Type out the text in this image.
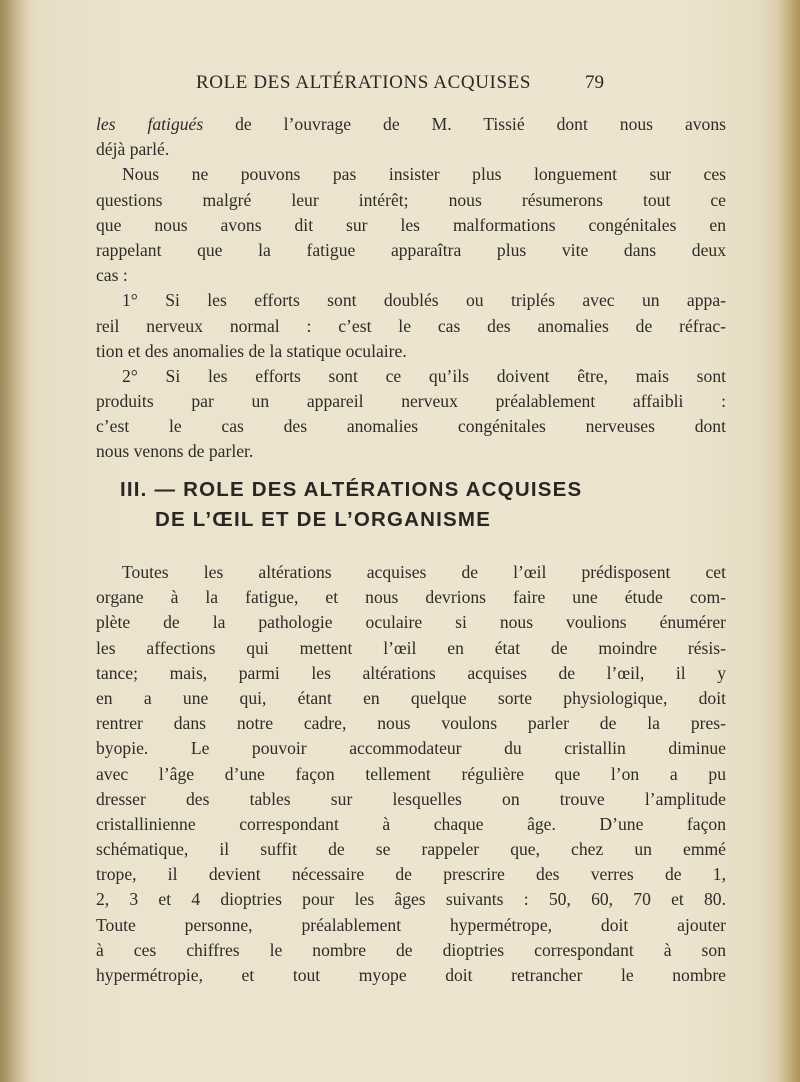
ROLE DES ALTÉRATIONS ACQUISES	79
les fatigués de l’ouvrage de M. Tissié dont nous avons
déjà parlé.
Nous ne pouvons pas insister plus longuement sur ces
questions malgré leur intérêt; nous résumerons tout ce
que nous avons dit sur les malformations congénitales en
rappelant que la fatigue apparaîtra plus vite dans deux
cas :
1° Si les efforts sont doublés ou triplés avec un appa-
reil nerveux normal : c’est le cas des anomalies de réfrac-
tion et des anomalies de la statique oculaire.
2° Si les efforts sont ce qu’ils doivent être, mais sont
produits par un appareil nerveux préalablement affaibli :
c’est le cas des anomalies congénitales nerveuses dont
nous venons de parler.
III. — ROLE DES ALTÉRATIONS ACQUISES
DE L’ŒIL ET DE L’ORGANISME
Toutes les altérations acquises de l’œil prédisposent cet
organe à la fatigue, et nous devrions faire une étude com-
plète de la pathologie oculaire si nous voulions énumérer
les affections qui mettent l’œil en état de moindre résis-
tance; mais, parmi les altérations acquises de l’œil, il y
en a une qui, étant en quelque sorte physiologique, doit
rentrer dans notre cadre, nous voulons parler de la pres-
byopie. Le pouvoir accommodateur du cristallin diminue
avec l’âge d’une façon tellement régulière que l’on a pu
dresser des tables sur lesquelles on trouve l’amplitude
cristallinienne correspondant à chaque âge. D’une façon
schématique, il suffit de se rappeler que, chez un emmé
trope, il devient nécessaire de prescrire des verres de 1,
2, 3 et 4 dioptries pour les âges suivants : 50, 60, 70 et 80.
Toute personne, préalablement hypermétrope, doit ajouter
à ces chiffres le nombre de dioptries correspondant à son
hypermétropie, et tout myope doit retrancher le nombre
